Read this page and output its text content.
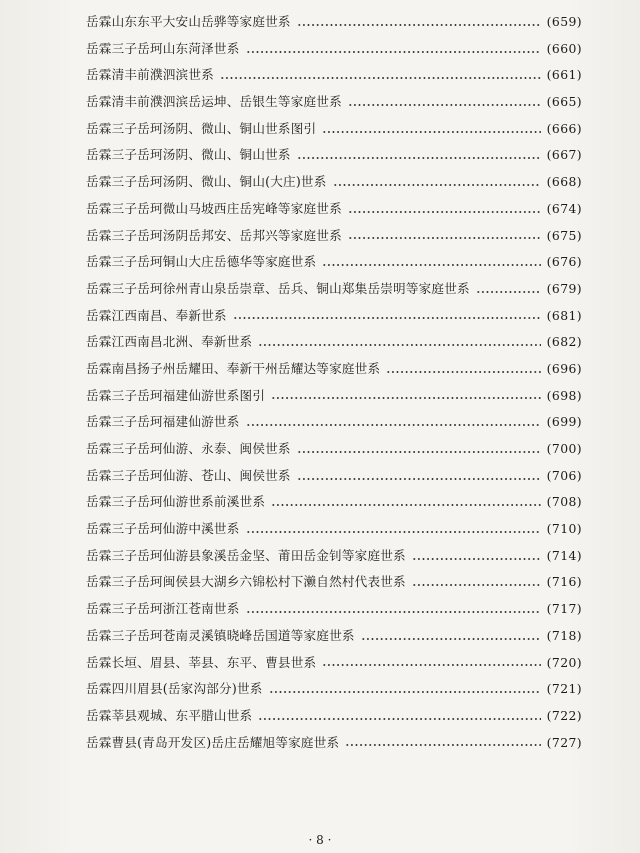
岳霖山东东平大安山岳骅等家庭世系	(659)
岳霖三子岳珂山东菏泽世系	(660)
岳霖清丰前濮泗滨世系	(661)
岳霖清丰前濮泗滨岳运坤、岳银生等家庭世系	(665)
岳霖三子岳珂汤阴、微山、铜山世系图引	(666)
岳霖三子岳珂汤阴、微山、铜山世系	(667)
岳霖三子岳珂汤阴、微山、铜山(大庄)世系	(668)
岳霖三子岳珂微山马坡西庄岳宪峰等家庭世系	(674)
岳霖三子岳珂汤阴岳邦安、岳邦兴等家庭世系	(675)
岳霖三子岳珂铜山大庄岳德华等家庭世系	(676)
岳霖三子岳珂徐州青山泉岳崇章、岳兵、铜山郑集岳崇明等家庭世系	(679)
岳霖江西南昌、奉新世系	(681)
岳霖江西南昌北洲、奉新世系	(682)
岳霖南昌扬子州岳耀田、奉新干州岳耀达等家庭世系	(696)
岳霖三子岳珂福建仙游世系图引	(698)
岳霖三子岳珂福建仙游世系	(699)
岳霖三子岳珂仙游、永泰、闽侯世系	(700)
岳霖三子岳珂仙游、苍山、闽侯世系	(706)
岳霖三子岳珂仙游世系前溪世系	(708)
岳霖三子岳珂仙游中溪世系	(710)
岳霖三子岳珂仙游县象溪岳金坚、莆田岳金钊等家庭世系	(714)
岳霖三子岳珂闽侯县大湖乡六锦松村下濑自然村代表世系	(716)
岳霖三子岳珂浙江苍南世系	(717)
岳霖三子岳珂苍南灵溪镇晓峰岳国道等家庭世系	(718)
岳霖长垣、眉县、莘县、东平、曹县世系	(720)
岳霖四川眉县(岳家沟部分)世系	(721)
岳霖莘县观城、东平腊山世系	(722)
岳霖曹县(青岛开发区)岳庄岳耀旭等家庭世系	(727)
· 8 ·
